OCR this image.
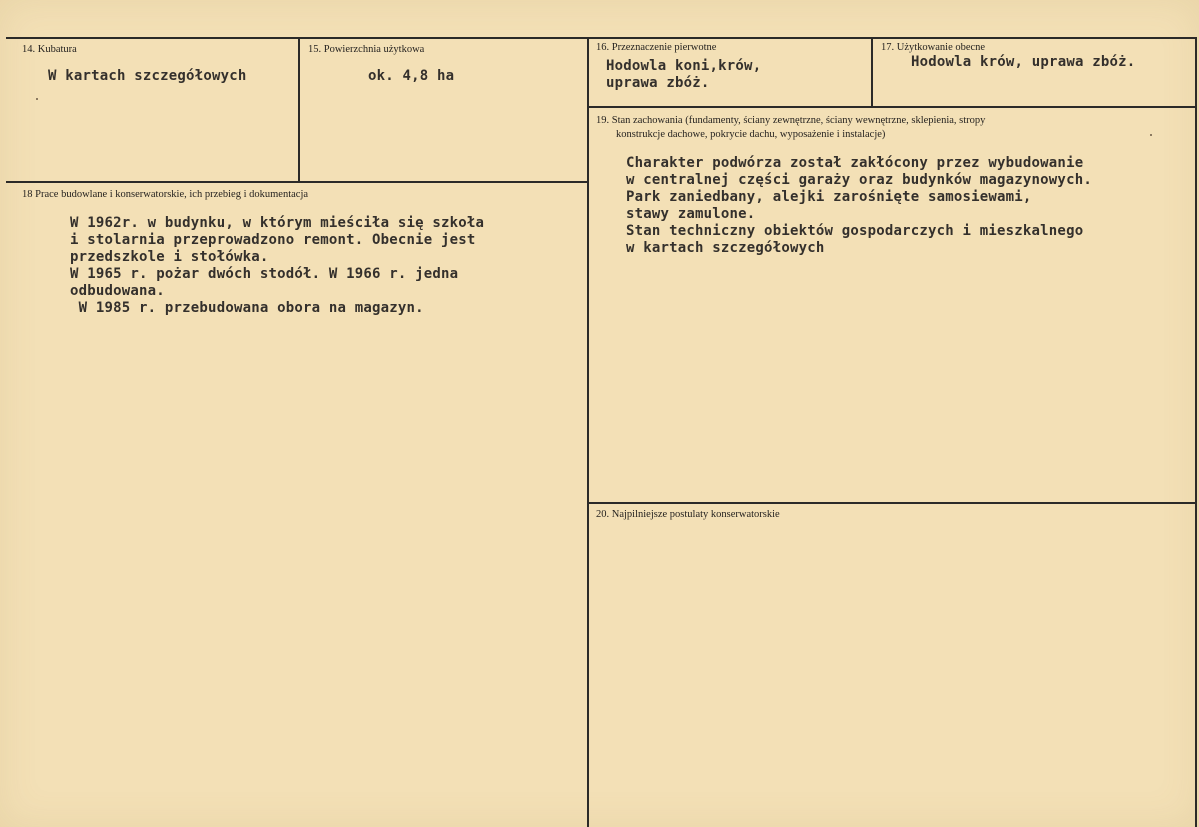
14. Kubatura
W kartach szczegółowych
15. Powierzchnia użytkowa
ok. 4,8 ha
16. Przeznaczenie pierwotne
Hodowla koni,krów,
uprawa zbóż.
17. Użytkowanie obecne
Hodowla krów, uprawa zbóż.
18 Prace budowlane i konserwatorskie, ich przebieg i dokumentacja
W 1962r. w budynku, w którym mieściła się szkoła
i stolarnia przeprowadzono remont. Obecnie jest
przedszkole i stołówka.
W 1965 r. pożar dwóch stodół. W 1966 r. jedna
odbudowana.
W 1985 r. przebudowana obora na magazyn.
19. Stan zachowania (fundamenty, ściany zewnętrzne, ściany wewnętrzne, sklepienia, stropy
konstrukcje dachowe, pokrycie dachu, wyposażenie i instalacje)
Charakter podwórza został zakłócony przez wybudowanie
w centralnej części garaży oraz budynków magazynowych.
Park zaniedbany, alejki zarośnięte samosiewami,
stawy zamulone.
Stan techniczny obiektów gospodarczych i mieszkalnego
w kartach szczegółowych
20. Najpilniejsze postulaty konserwatorskie
